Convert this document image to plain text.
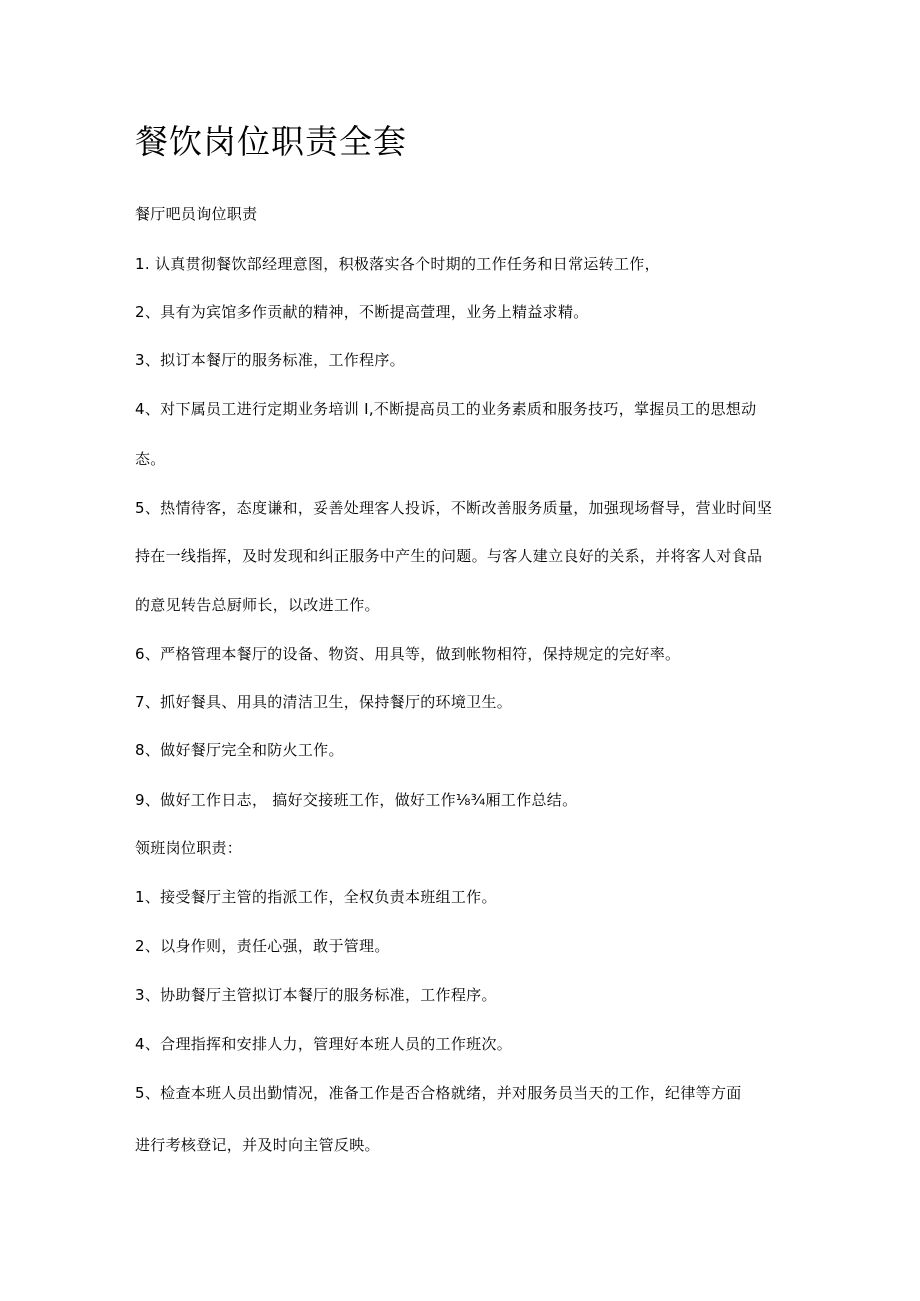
餐饮岗位职责全套
餐厅吧员询位职责
1. 认真贯彻餐饮部经理意图，积极落实各个时期的工作任务和日常运转工作，
2、具有为宾馆多作贡献的精神，不断提高萱理，业务上精益求精。
3、拟订本餐厅的服务标准，工作程序。
4、对下属员工进行定期业务培训 I,不断提高员工的业务素质和服务技巧，掌握员工的思想动
态。
5、热情待客，态度谦和，妥善处理客人投诉，不断改善服务质量，加强现场督导，营业时间坚
持在一线指挥，及时发现和纠正服务中产生的问题。与客人建立良好的关系，并将客人对食品
的意见转告总厨师长，以改进工作。
6、严格管理本餐厅的设备、物资、用具等，做到帐物相符，保持规定的完好率。
7、抓好餐具、用具的清洁卫生，保持餐厅的环境卫生。
8、做好餐厅完全和防火工作。
9、做好工作日志， 搞好交接班工作，做好工作⅛¾厢工作总结。
领班岗位职责：
1、接受餐厅主管的指派工作，全权负责本班组工作。
2、以身作则，责任心强，敢于管理。
3、协助餐厅主管拟订本餐厅的服务标准，工作程序。
4、合理指挥和安排人力，管理好本班人员的工作班次。
5、检查本班人员出勤情况，准备工作是否合格就绪，并对服务员当天的工作，纪律等方面
进行考核登记，并及时向主管反映。
